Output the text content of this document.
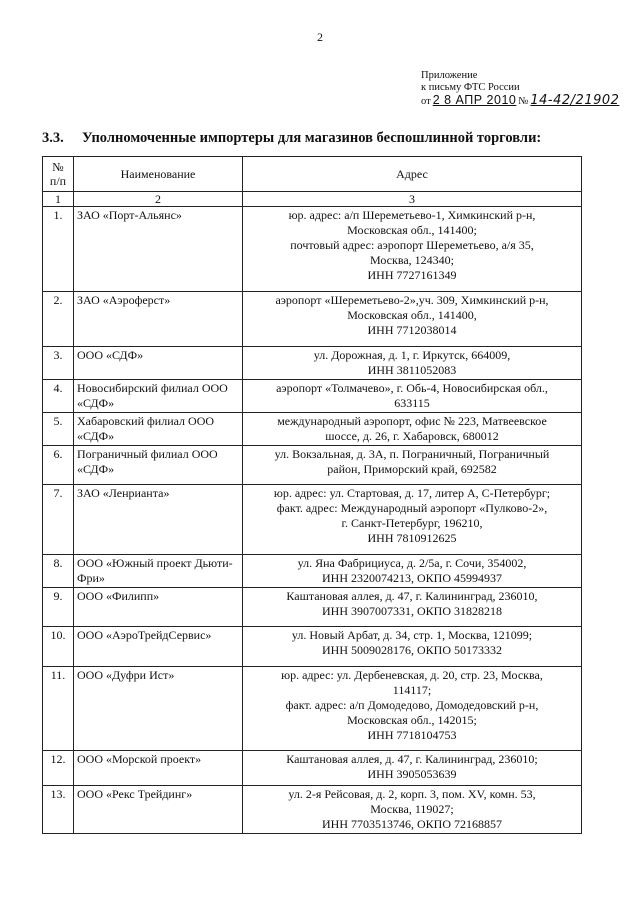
2
Приложение
к письму ФТС России
от 2 8 АПР 2010 № 14-42/21902
3.3. Уполномоченные импортеры для магазинов беспошлинной торговли:
№ п/п	Наименование	Адрес
1	2	3
1.	ЗАО «Порт-Альянс»	юр. адрес: а/п Шереметьево-1, Химкинский р-н,
Московская обл., 141400;
почтовый адрес: аэропорт Шереметьево, а/я 35,
Москва, 124340;
ИНН 7727161349

2.	ЗАО «Аэроферст»	аэропорт «Шереметьево-2»,уч. 309, Химкинский р-н,
Московская обл., 141400,
ИНН 7712038014

3.	ООО «СДФ»	ул. Дорожная, д. 1, г. Иркутск, 664009,
ИНН 3811052083

4.	Новосибирский филиал ООО «СДФ»	аэропорт «Толмачево», г. Обь-4, Новосибирская обл.,
633115

5.	Хабаровский филиал ООО «СДФ»	международный аэропорт, офис № 223, Матвеевское
шоссе, д. 26, г. Хабаровск, 680012

6.	Пограничный филиал ООО «СДФ»	ул. Вокзальная, д. 3А, п. Пограничный, Пограничный
район, Приморский край, 692582

7.	ЗАО «Ленрианта»	юр. адрес: ул. Стартовая, д. 17, литер А, С-Петербург;
факт. адрес: Международный аэропорт «Пулково-2»,
г. Санкт-Петербург, 196210,
ИНН 7810912625

8.	ООО «Южный проект Дьюти-Фри»	ул. Яна Фабрициуса, д. 2/5а, г. Сочи, 354002,
ИНН 2320074213, ОКПО 45994937

9.	ООО «Филипп»	Каштановая аллея, д. 47, г. Калининград, 236010,
ИНН 3907007331, ОКПО 31828218

10.	ООО «АэроТрейдСервис»	ул. Новый Арбат, д. 34, стр. 1, Москва, 121099;
ИНН 5009028176, ОКПО 50173332

11.	ООО «Дуфри Ист»	юр. адрес: ул. Дербеневская, д. 20, стр. 23, Москва,
114117;
факт. адрес: а/п Домодедово, Домодедовский р-н,
Московская обл., 142015;
ИНН 7718104753

12.	ООО «Морской проект»	Каштановая аллея, д. 47, г. Калининград, 236010;
ИНН 3905053639

13.	ООО «Рекс Трейдинг»	ул. 2-я Рейсовая, д. 2, корп. 3, пом. XV, комн. 53,
Москва, 119027;
ИНН 7703513746, ОКПО 72168857
